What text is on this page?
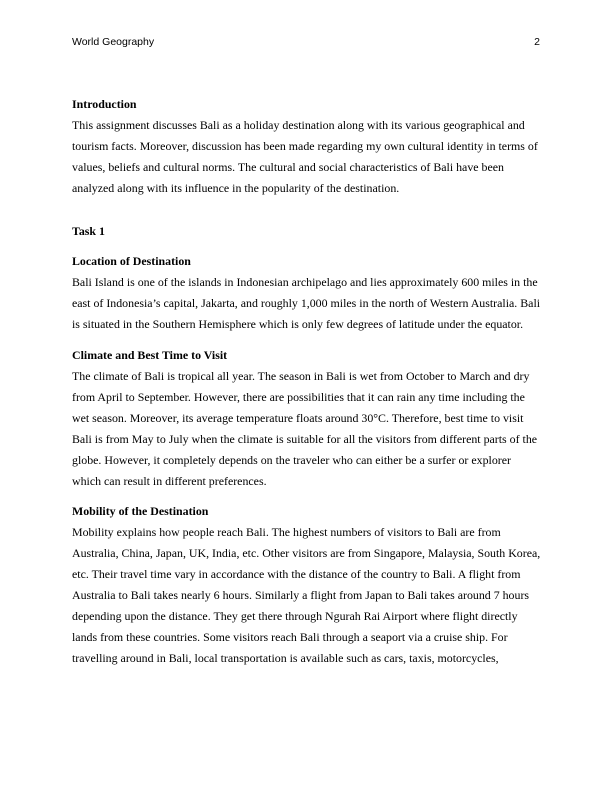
World Geography	2
Introduction

This assignment discusses Bali as a holiday destination along with its various geographical and tourism facts. Moreover, discussion has been made regarding my own cultural identity in terms of values, beliefs and cultural norms. The cultural and social characteristics of Bali have been analyzed along with its influence in the popularity of the destination.

Task 1
Location of Destination

Bali Island is one of the islands in Indonesian archipelago and lies approximately 600 miles in the east of Indonesia’s capital, Jakarta, and roughly 1,000 miles in the north of Western Australia. Bali is situated in the Southern Hemisphere which is only few degrees of latitude under the equator.

Climate and Best Time to Visit

The climate of Bali is tropical all year. The season in Bali is wet from October to March and dry from April to September. However, there are possibilities that it can rain any time including the wet season. Moreover, its average temperature floats around 30°C. Therefore, best time to visit Bali is from May to July when the climate is suitable for all the visitors from different parts of the globe. However, it completely depends on the traveler who can either be a surfer or explorer which can result in different preferences.

Mobility of the Destination

Mobility explains how people reach Bali. The highest numbers of visitors to Bali are from Australia, China, Japan, UK, India, etc. Other visitors are from Singapore, Malaysia, South Korea, etc. Their travel time vary in accordance with the distance of the country to Bali. A flight from Australia to Bali takes nearly 6 hours. Similarly a flight from Japan to Bali takes around 7 hours depending upon the distance. They get there through Ngurah Rai Airport where flight directly lands from these countries. Some visitors reach Bali through a seaport via a cruise ship. For travelling around in Bali, local transportation is available such as cars, taxis, motorcycles,
